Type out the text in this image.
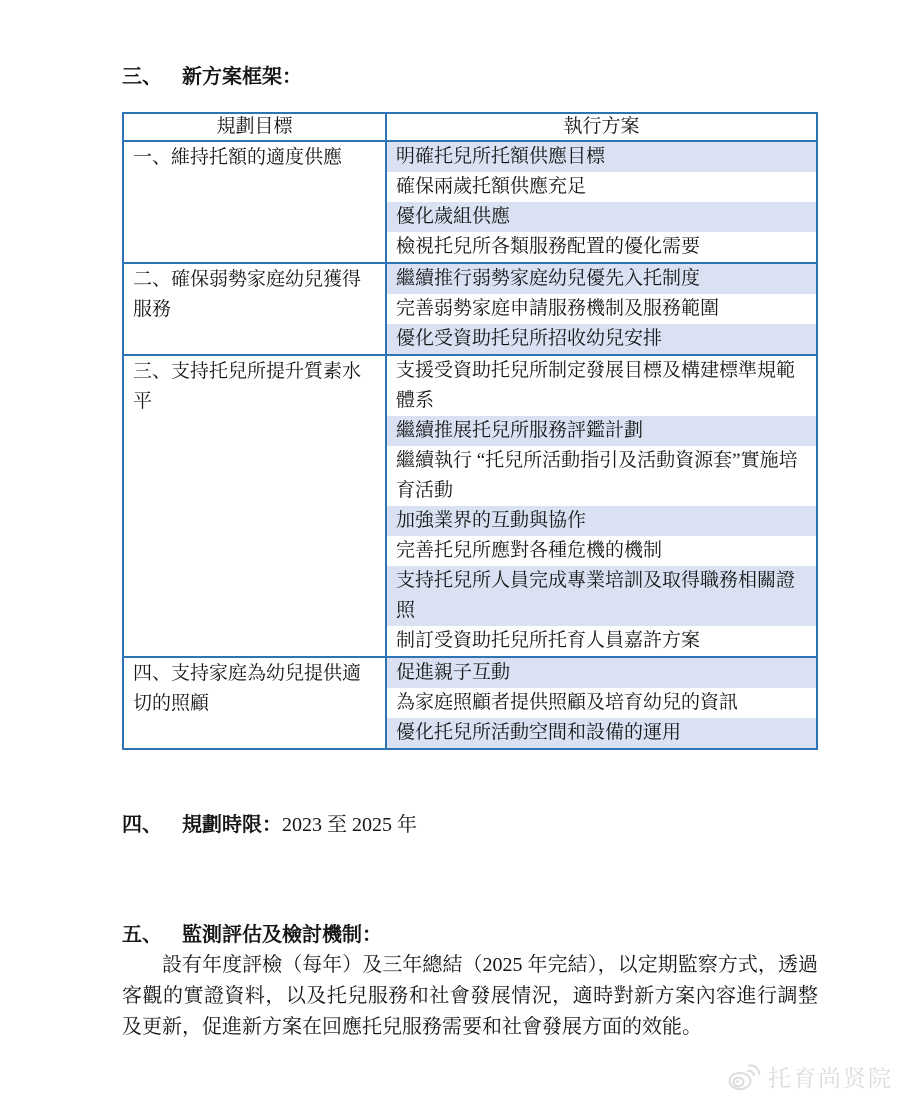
三、 新方案框架：
規劃目標	執行方案
一、維持托額的適度供應	明確托兒所托額供應目標
確保兩歲托額供應充足
優化歲組供應
檢視托兒所各類服務配置的優化需要
二、確保弱勢家庭幼兒獲得服務
繼續推行弱勢家庭幼兒優先入托制度
完善弱勢家庭申請服務機制及服務範圍
優化受資助托兒所招收幼兒安排
三、支持托兒所提升質素水平
支援受資助托兒所制定發展目標及構建標準規範體系
繼續推展托兒所服務評鑑計劃
繼續執行 “托兒所活動指引及活動資源套”實施培育活動
加強業界的互動與協作
完善托兒所應對各種危機的機制
支持托兒所人員完成專業培訓及取得職務相關證照
制訂受資助托兒所托育人員嘉許方案
四、支持家庭為幼兒提供適切的照顧
促進親子互動
為家庭照顧者提供照顧及培育幼兒的資訊
優化托兒所活動空間和設備的運用
四、 規劃時限：2023 至 2025 年
五、 監測評估及檢討機制：

設有年度評檢（每年）及三年總結（2025 年完結），以定期監察方式，透過客觀的實證資料，以及托兒服務和社會發展情況，適時對新方案內容進行調整及更新，促進新方案在回應托兒服務需要和社會發展方面的效能。

托育尚贤院
